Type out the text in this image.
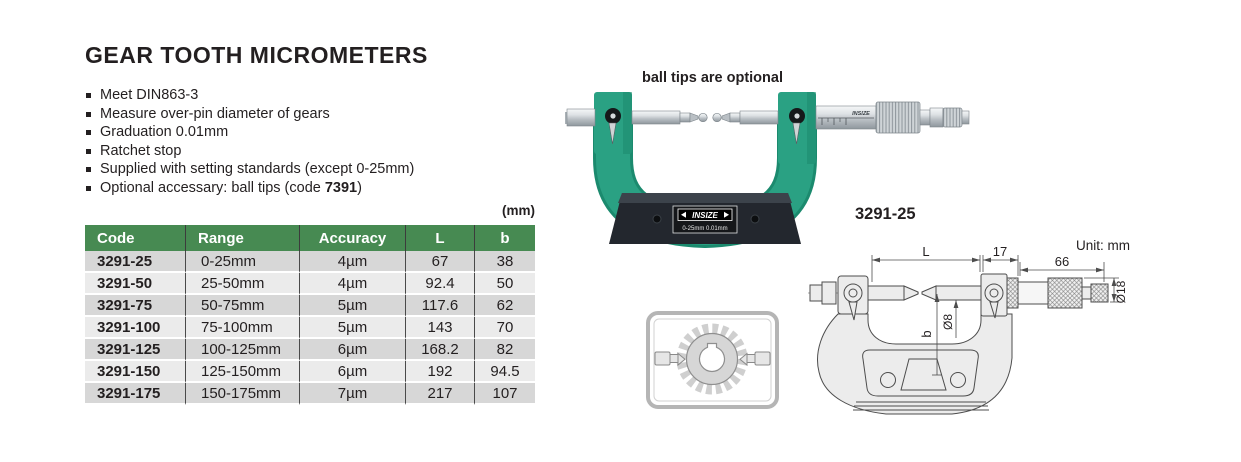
GEAR TOOTH MICROMETERS
Meet DIN863-3
Measure over-pin diameter of gears
Graduation 0.01mm
Ratchet stop
Supplied with setting standards (except 0-25mm)
Optional accessary: ball tips (code 7391)
(mm)
Code	Range	Accuracy	L	b
3291-25	0-25mm	4µm	67	38
3291-50	25-50mm	4µm	92.4	50
3291-75	50-75mm	5µm	117.6	62
3291-100	75-100mm	5µm	143	70
3291-125	100-125mm	6µm	168.2	82
3291-150	125-150mm	6µm	192	94.5
3291-175	150-175mm	7µm	217	107
ball tips are optional
3291-25
Unit: mm
INSIZE
INSIZE
0-25mm 0.01mm
L	17
66
Ø8
b
Ø18
